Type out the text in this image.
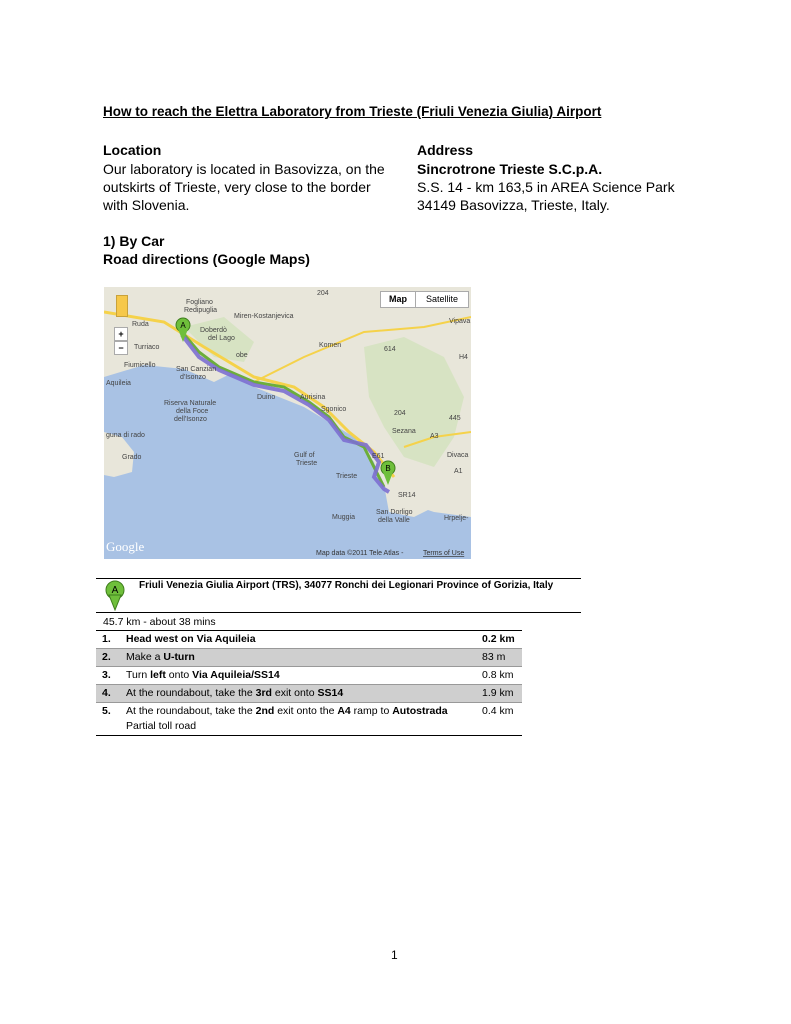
How to reach the Elettra Laboratory from Trieste (Friuli Venezia Giulia) Airport
Location
Our laboratory is located in Basovizza, on the outskirts of Trieste, very close to the border with Slovenia.
Address
Sincrotrone Trieste S.C.p.A.
S.S. 14 - km 163,5 in AREA Science Park
34149 Basovizza, Trieste, Italy.
1) By Car
Road directions (Google Maps)
A
B
Fogliano
Redipuglia
Miren-Kostanjevica
Ruda
Doberdò
del Lago
Turriaco	Komen
Fiumicello
San Canzian
d'Isonzo
obe
Aquileia
Riserva Naturale
della Foce
dell'Isonzo
Duino	Aurisina
Sgonico
Sezana
guna di rado
Grado	Gulf of
Trieste
Trieste
Muggia
San Dorligo
della Valle
Vipava
Divaca
Hrpelje-
204
614
204
445
A3
A1
E61
SR14
H4
Google	Map data ©2011 Tele Atlas -	Terms of Use
+
−
Map	Satellite
A Friuli Venezia Giulia Airport (TRS), 34077 Ronchi dei Legionari Province of Gorizia, Italy
45.7 km - about 38 mins
1.	Head west on Via Aquileia	0.2 km
2.	Make a U-turn	83 m
3.	Turn left onto Via Aquileia/SS14	0.8 km
4.	At the roundabout, take the 3rd exit onto SS14	1.9 km
5.	At the roundabout, take the 2nd exit onto the A4 ramp to Autostrada
Partial toll road	0.4 km
1
